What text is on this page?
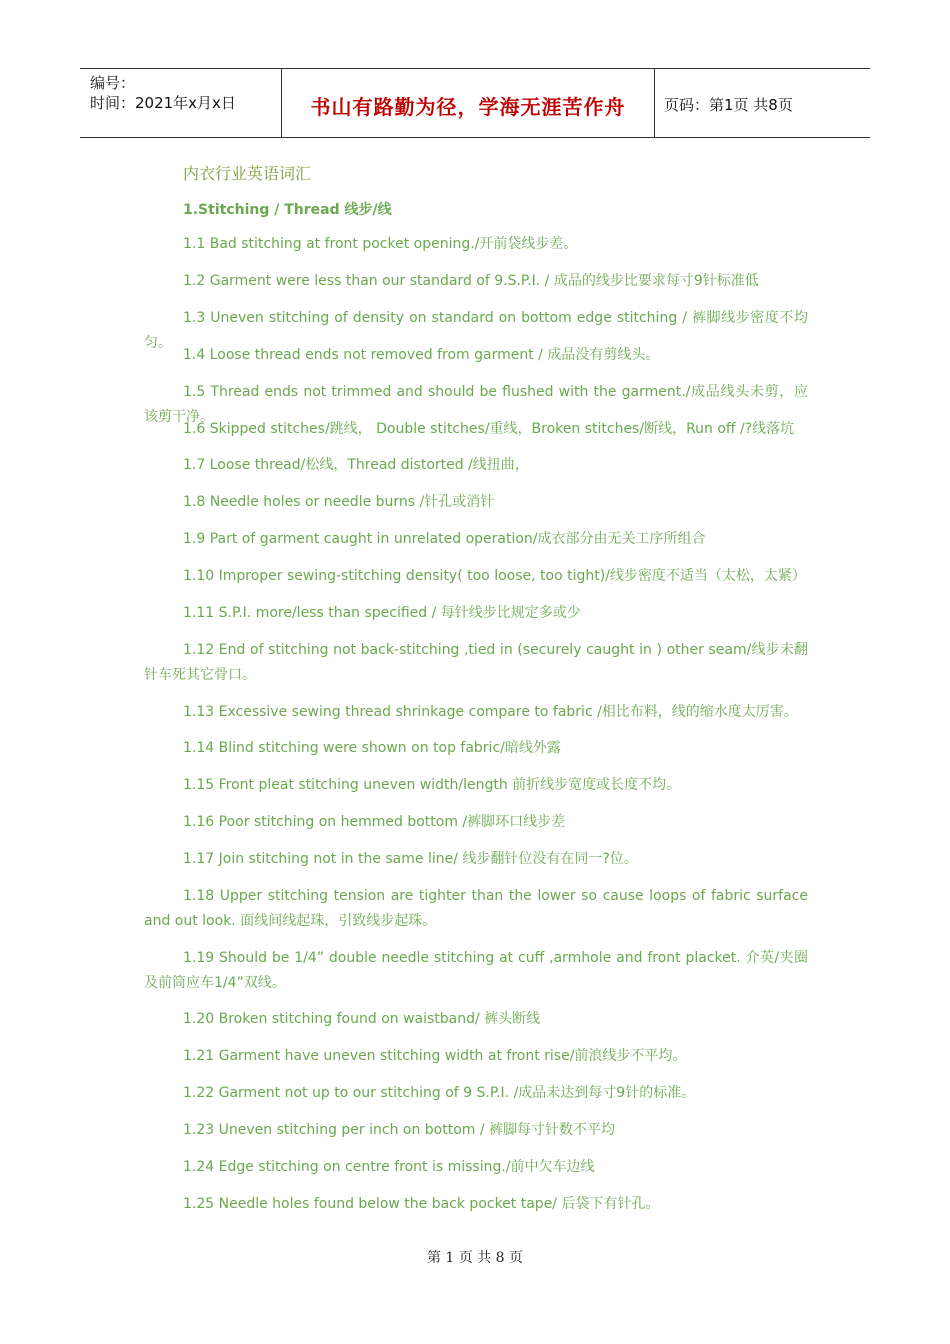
编号：
时间：2021年x月x日	书山有路勤为径，学海无涯苦作舟	页码：第1页 共8页
内衣行业英语词汇
1.Stitching / Thread 线步/线
1.1 Bad stitching at front pocket opening./开前袋线步差。
1.2 Garment were less than our standard of 9.S.P.I. / 成品的线步比要求每寸9针标准低
1.3 Uneven stitching of density on standard on bottom edge stitching / 裤脚线步密度不均匀。
1.4 Loose thread ends not removed from garment / 成品没有剪线头。
1.5 Thread ends not trimmed and should be flushed with the garment./成品线头未剪，应该剪干净。
1.6 Skipped stitches/跳线， Double stitches/重线，Broken stitches/断线，Run off /?线落坑
1.7 Loose thread/松线，Thread distorted /线扭曲，
1.8 Needle holes or needle burns /针孔或消针
1.9 Part of garment caught in unrelated operation/成衣部分由无关工序所组合
1.10 Improper sewing-stitching density( too loose, too tight)/线步密度不适当（太松，太紧）
1.11 S.P.I. more/less than specified / 每针线步比规定多或少
1.12 End of stitching not back-stitching ,tied in (securely caught in ) other seam/线步未翻针车死其它骨口。
1.13 Excessive sewing thread shrinkage compare to fabric /相比布料，线的缩水度太厉害。
1.14 Blind stitching were shown on top fabric/暗线外露
1.15 Front pleat stitching uneven width/length 前折线步宽度或长度不均。
1.16 Poor stitching on hemmed bottom /裤脚环口线步差
1.17 Join stitching not in the same line/ 线步翻针位没有在同一?位。
1.18 Upper stitching tension are tighter than the lower so cause loops of fabric surface and out look. 面线间线起珠，引致线步起珠。
1.19 Should be 1/4” double needle stitching at cuff ,armhole and front placket. 介英/夹圈及前筒应车1/4”双线。
1.20 Broken stitching found on waistband/ 裤头断线
1.21 Garment have uneven stitching width at front rise/前浪线步不平均。
1.22 Garment not up to our stitching of 9 S.P.I. /成品未达到每寸9针的标准。
1.23 Uneven stitching per inch on bottom / 裤脚每寸针数不平均
1.24 Edge stitching on centre front is missing./前中欠车边线
1.25 Needle holes found below the back pocket tape/ 后袋下有针孔。
第 1 页 共 8 页
